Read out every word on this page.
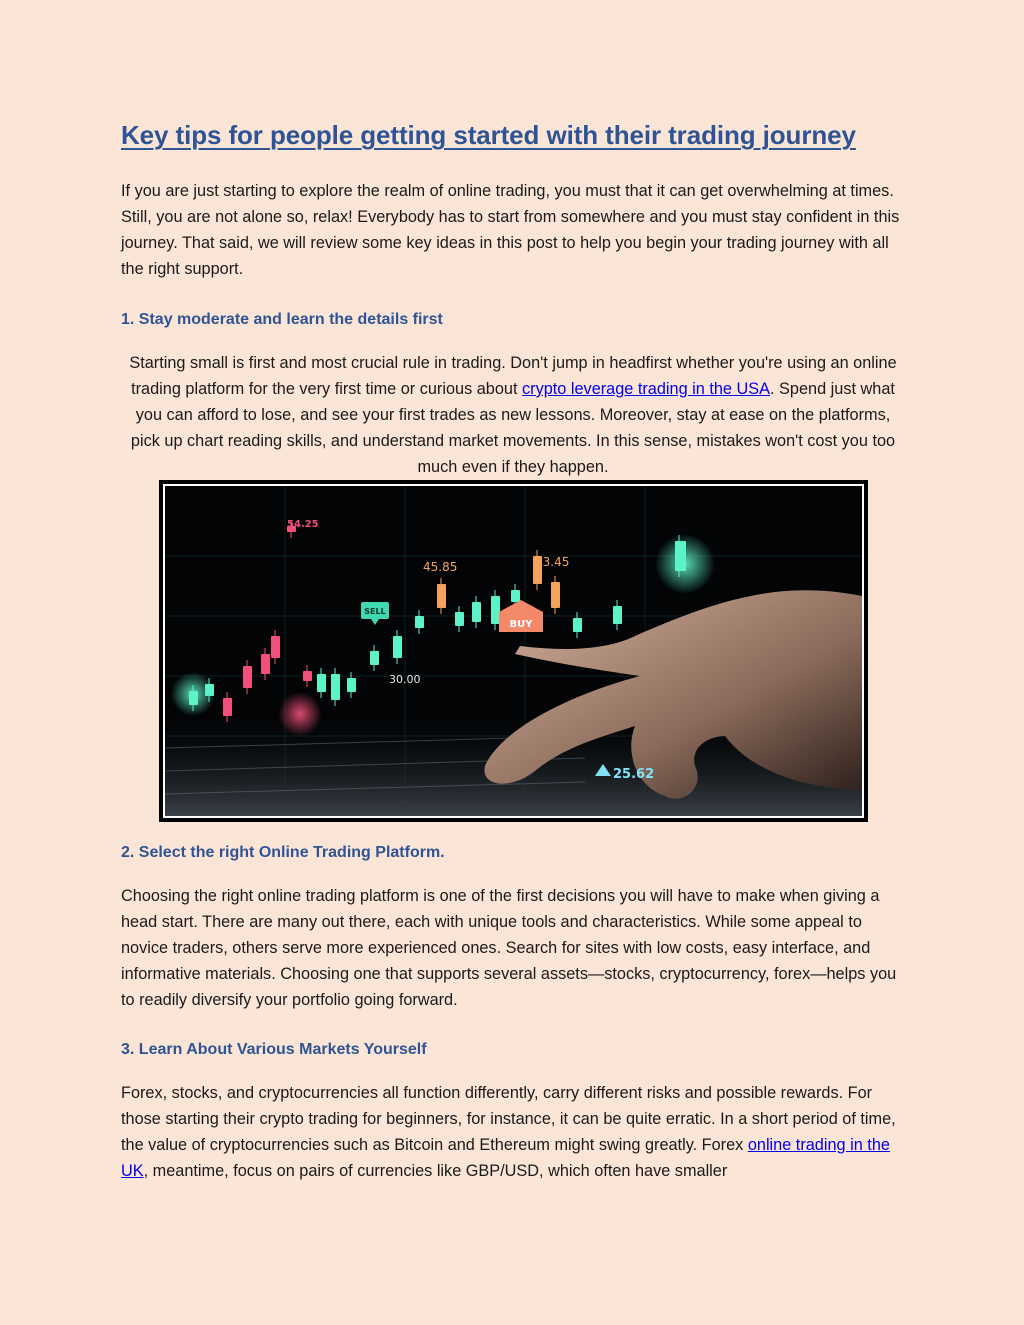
Key tips for people getting started with their trading journey

If you are just starting to explore the realm of online trading, you must that it can get overwhelming at times. Still, you are not alone so, relax! Everybody has to start from somewhere and you must stay confident in this journey. That said, we will review some key ideas in this post to help you begin your trading journey with all the right support.

1. Stay moderate and learn the details first

Starting small is first and most crucial rule in trading. Don't jump in headfirst whether you're using an online trading platform for the very first time or curious about crypto leverage trading in the USA. Spend just what you can afford to lose, and see your first trades as new lessons. Moreover, stay at ease on the platforms, pick up chart reading skills, and understand market movements. In this sense, mistakes won't cost you too much even if they happen.

2. Select the right Online Trading Platform.

Choosing the right online trading platform is one of the first decisions you will have to make when giving a head start. There are many out there, each with unique tools and characteristics. While some appeal to novice traders, others serve more experienced ones. Search for sites with low costs, easy interface, and informative materials. Choosing one that supports several assets—stocks, cryptocurrency, forex—helps you to readily diversify your portfolio going forward.

3. Learn About Various Markets Yourself

Forex, stocks, and cryptocurrencies all function differently, carry different risks and possible rewards. For those starting their crypto trading for beginners, for instance, it can be quite erratic. In a short period of time, the value of cryptocurrencies such as Bitcoin and Ethereum might swing greatly. Forex online trading in the UK, meantime, focus on pairs of currencies like GBP/USD, which often have smaller

54.25
45.85	43.45
30.00
25.62
SELL
BUY
